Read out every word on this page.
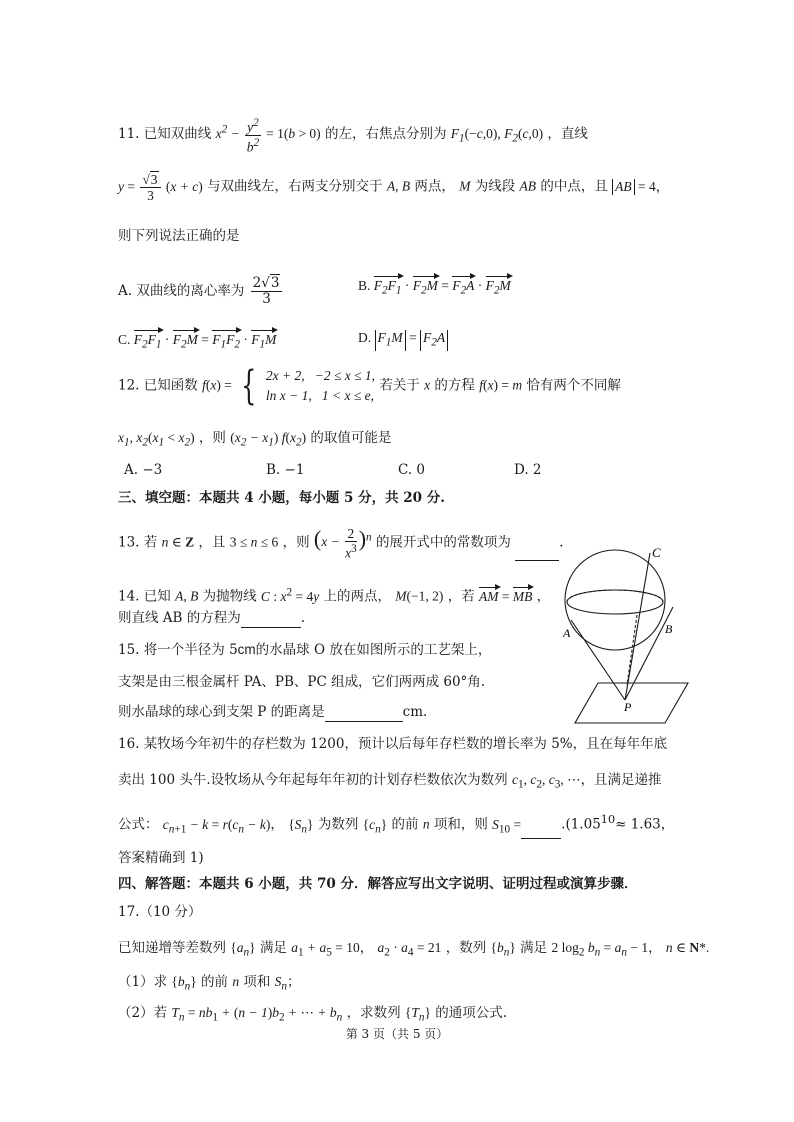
11. 已知双曲线 $x^2 - \frac{y^2}{b^2} = 1(b > 0)$ 的左，右焦点分别为 $F_1(-c,0)$, $F_2(c,0)$ ，直线
$y = \frac{√3}{3} (x + c)$ 与双曲线左，右两支分别交于 A, B 两点， M 为线段 AB 的中点，且 AB = 4，
则下列说法正确的是
A. 双曲线的离心率为 $\frac{2√3}{3}$	B. $F_2F_1 \cdot F_2M = F_2A \cdot F_2M$
C. $F_2F_1 \cdot F_2M = F_1F_2 \cdot F_1M$	D. $F_1M = F_2A$
12. 已知函数 f(x) = { 2x + 2, −2 ≤ x ≤ 1,
ln x − 1, 1 < x ≤ e,
若关于 x 的方程 f(x) = m 恰有两个不同解
$x_1$, $x_2(x_1 < x_2)$ ，则 $(x_2 - x_1)$ $f(x_2)$ 的取值可能是
A. −3	B. −1	C. 0	D. 2
三、填空题：本题共 4 小题，每小题 5 分，共 20 分.
13. 若 n ∈ Z ，且 3 ≤ n ≤ 6 ，则 $(x - \frac{2}{x^3} )^n$ 的展开式中的常数项为	.
14. 已知 A, B 为抛物线 C : $x^2 = 4y$ 上的两点， M(−1, 2) ，若 AM = MB ，
则直线 AB 的方程为	.
15. 将一个半径为 5cm的水晶球 O 放在如图所示的工艺架上，
支架是由三根金属杆 PA、PB、PC 组成，它们两两成 60°角.
则水晶球的球心到支架 P 的距离是	cm.
C
A	B
P
16. 某牧场今年初牛的存栏数为 1200，预计以后每年存栏数的增长率为 5%，且在每年年底
卖出 100 头牛.设牧场从今年起每年年初的计划存栏数依次为数列 $c_1$, $c_2$, $c_3$, ⋯，且满足递推
公式： $c_{n+1} - k = r(c_n - k)$， $\{S_n\}$ 为数列 $\{c_n\}$ 的前 n 项和，则 $S_{10}$ =	$.(1.05^{10}\approx 1.63$，
答案精确到 1)
四、解答题：本题共 6 小题，共 70 分．解答应写出文字说明、证明过程或演算步骤．
17.（10 分）
已知递增等差数列 $\{a_n\}$ 满足 $a_1 + a_5 = 10$， $a_2 \cdot a_4 = 21$ ，数列 $\{b_n\}$ 满足 2 $\log_2 b_n = a_n - 1$， n ∈ N*.
（1）求 $\{b_n\}$ 的前 n 项和 $S_n$；
（2）若 $T_n = nb_1 + (n - 1)b_2$ + ⋯ + $b_n$ ，求数列 $\{T_n\}$ 的通项公式.
第 3 页（共 5 页）
